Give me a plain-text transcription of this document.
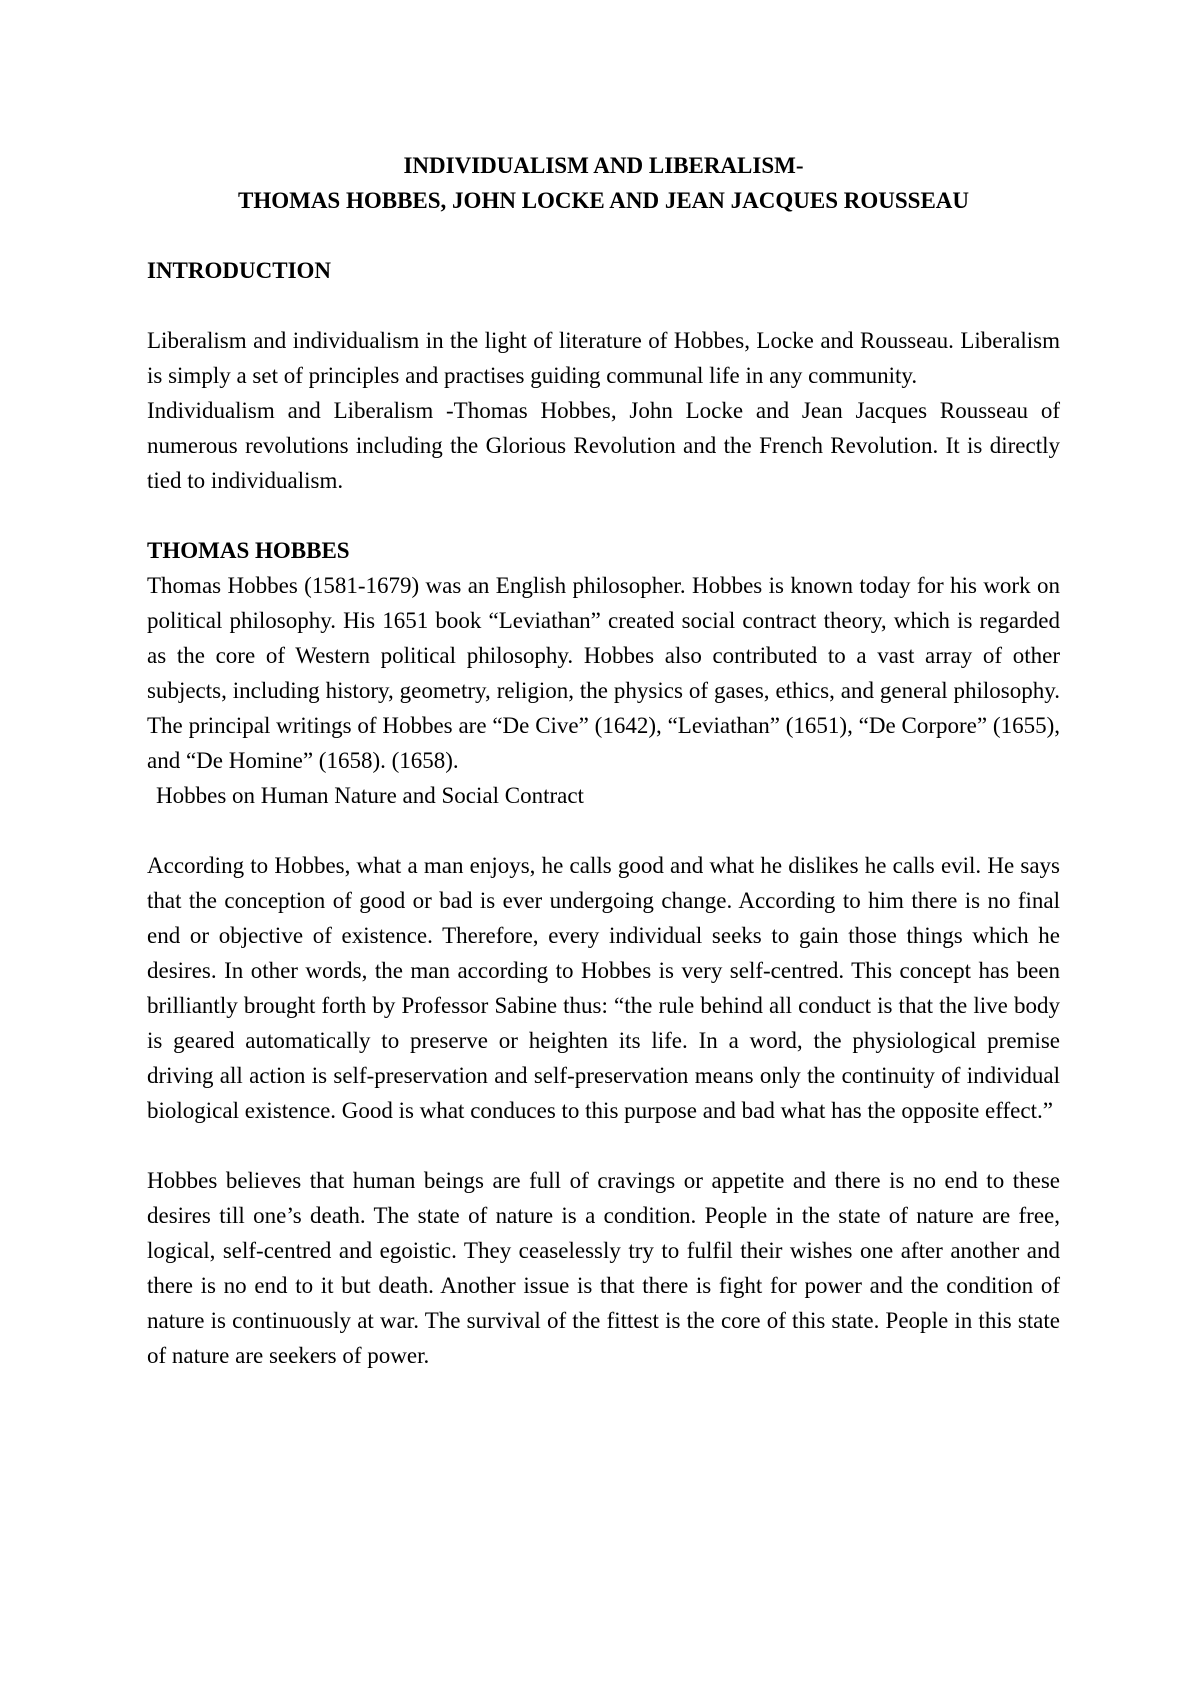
INDIVIDUALISM AND LIBERALISM-

THOMAS HOBBES, JOHN LOCKE AND JEAN JACQUES ROUSSEAU

INTRODUCTION

Liberalism and individualism in the light of literature of Hobbes, Locke and Rousseau. Liberalism is simply a set of principles and practises guiding communal life in any community.

Individualism and Liberalism -Thomas Hobbes, John Locke and Jean Jacques Rousseau of numerous revolutions including the Glorious Revolution and the French Revolution. It is directly tied to individualism.

THOMAS HOBBES

Thomas Hobbes (1581-1679) was an English philosopher. Hobbes is known today for his work on political philosophy. His 1651 book “Leviathan” created social contract theory, which is regarded as the core of Western political philosophy. Hobbes also contributed to a vast array of other subjects, including history, geometry, religion, the physics of gases, ethics, and general philosophy. The principal writings of Hobbes are “De Cive” (1642), “Leviathan” (1651), “De Corpore” (1655), and “De Homine” (1658). (1658).

Hobbes on Human Nature and Social Contract

According to Hobbes, what a man enjoys, he calls good and what he dislikes he calls evil. He says that the conception of good or bad is ever undergoing change. According to him there is no final end or objective of existence. Therefore, every individual seeks to gain those things which he desires. In other words, the man according to Hobbes is very self-centred. This concept has been brilliantly brought forth by Professor Sabine thus: “the rule behind all conduct is that the live body is geared automatically to preserve or heighten its life. In a word, the physiological premise driving all action is self-preservation and self-preservation means only the continuity of individual biological existence. Good is what conduces to this purpose and bad what has the opposite effect.”

Hobbes believes that human beings are full of cravings or appetite and there is no end to these desires till one’s death. The state of nature is a condition. People in the state of nature are free, logical, self-centred and egoistic. They ceaselessly try to fulfil their wishes one after another and there is no end to it but death. Another issue is that there is fight for power and the condition of nature is continuously at war. The survival of the fittest is the core of this state. People in this state of nature are seekers of power.
